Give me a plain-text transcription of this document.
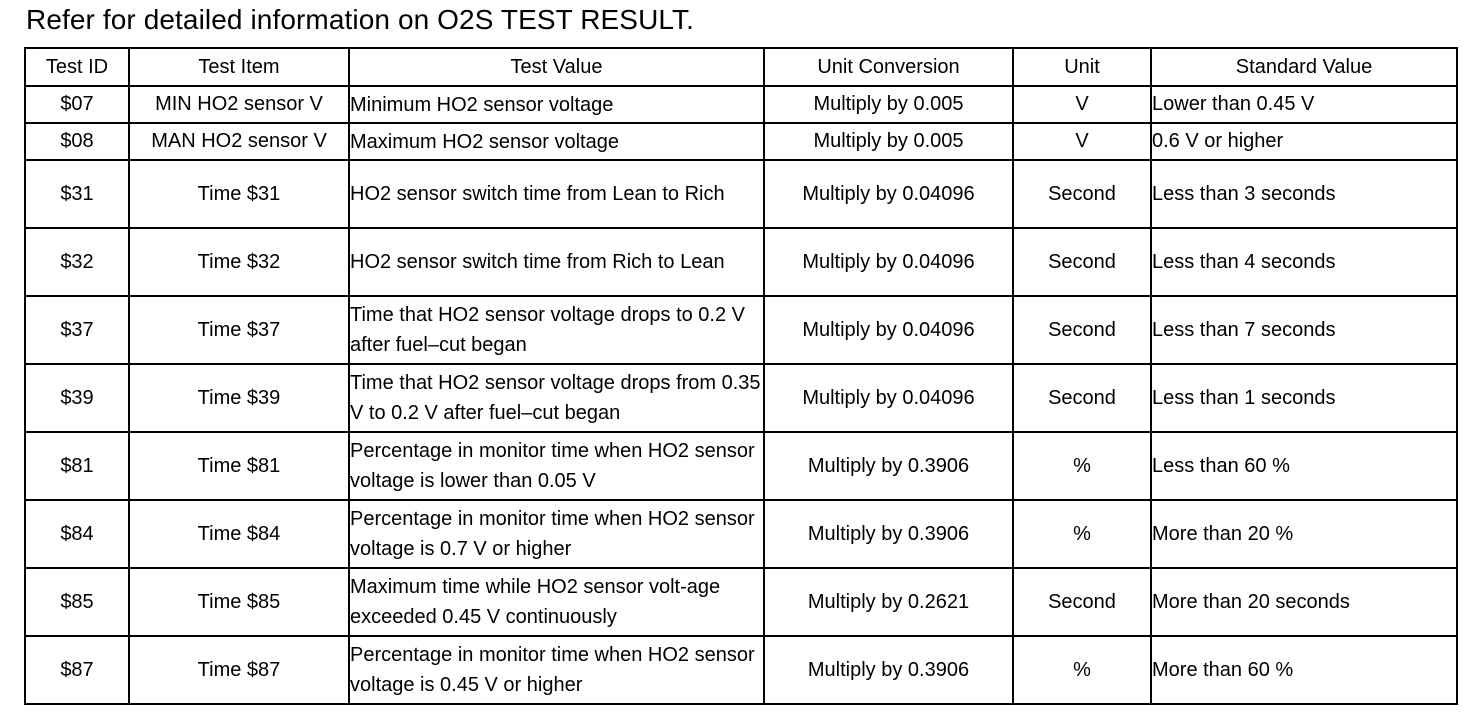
Refer for detailed information on O2S TEST RESULT.
Test ID	Test Item	Test Value	Unit Conversion	Unit	Standard Value
$07	MIN HO2 sensor V	Minimum HO2 sensor voltage	Multiply by 0.005	V	Lower than 0.45 V
$08	MAN HO2 sensor V	Maximum HO2 sensor voltage	Multiply by 0.005	V	0.6 V or higher
$31	Time $31	HO2 sensor switch time from Lean to Rich	Multiply by 0.04096	Second	Less than 3 seconds
$32	Time $32	HO2 sensor switch time from Rich to Lean	Multiply by 0.04096	Second	Less than 4 seconds
$37	Time $37	Time that HO2 sensor voltage drops to 0.2 V after fuel–cut began	Multiply by 0.04096	Second	Less than 7 seconds
$39	Time $39	Time that HO2 sensor voltage drops from 0.35 V to 0.2 V after fuel–cut began	Multiply by 0.04096	Second	Less than 1 seconds
$81	Time $81	Percentage in monitor time when HO2 sensor voltage is lower than 0.05 V	Multiply by 0.3906	%	Less than 60 %
$84	Time $84	Percentage in monitor time when HO2 sensor voltage is 0.7 V or higher	Multiply by 0.3906	%	More than 20 %
$85	Time $85	Maximum time while HO2 sensor volt-age exceeded 0.45 V continuously	Multiply by 0.2621	Second	More than 20 seconds
$87	Time $87	Percentage in monitor time when HO2 sensor voltage is 0.45 V or higher	Multiply by 0.3906	%	More than 60 %
